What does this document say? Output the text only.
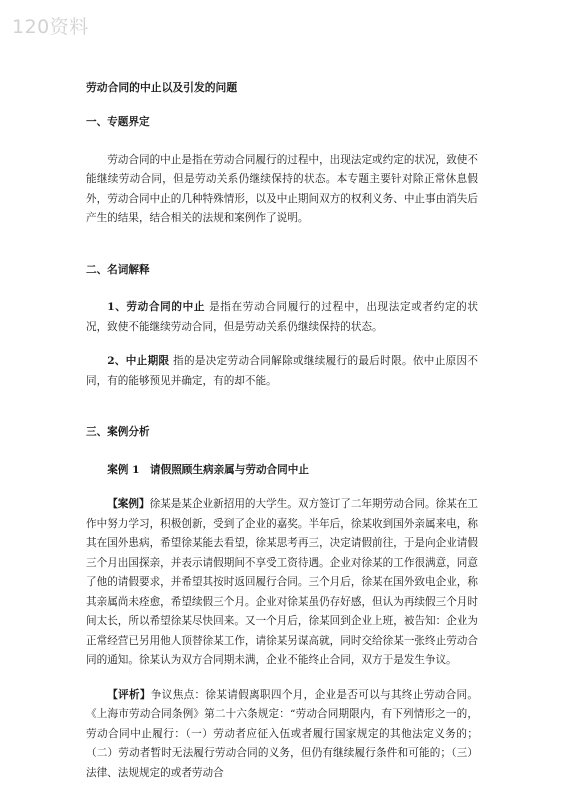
120资料

劳动合同的中止以及引发的问题

一、专题界定

劳动合同的中止是指在劳动合同履行的过程中，出现法定或约定的状况，致使不能继续劳动合同，但是劳动关系仍继续保持的状态。本专题主要针对除正常休息假外，劳动合同中止的几种特殊情形，以及中止期间双方的权利义务、中止事由消失后产生的结果，结合相关的法规和案例作了说明。

二、名词解释

1、劳动合同的中止 是指在劳动合同履行的过程中，出现法定或者约定的状况，致使不能继续劳动合同，但是劳动关系仍继续保持的状态。

2、中止期限 指的是决定劳动合同解除或继续履行的最后时限。依中止原因不同，有的能够预见并确定，有的却不能。

三、案例分析

案例 1　请假照顾生病亲属与劳动合同中止

【案例】徐某是某企业新招用的大学生。双方签订了二年期劳动合同。徐某在工作中努力学习，积极创新，受到了企业的嘉奖。半年后，徐某收到国外亲属来电，称其在国外患病，希望徐某能去看望，徐某思考再三，决定请假前往，于是向企业请假三个月出国探亲，并表示请假期间不享受工资待遇。企业对徐某的工作很满意，同意了他的请假要求，并希望其按时返回履行合同。三个月后，徐某在国外致电企业，称其亲属尚未痊愈，希望续假三个月。企业对徐某虽仍存好感，但认为再续假三个月时间太长，所以希望徐某尽快回来。又一个月后，徐某回到企业上班，被告知：企业为正常经营已另用他人顶替徐某工作，请徐某另谋高就，同时交给徐某一张终止劳动合同的通知。徐某认为双方合同期未满，企业不能终止合同，双方于是发生争议。

【评析】争议焦点：徐某请假离职四个月，企业是否可以与其终止劳动合同。《上海市劳动合同条例》第二十六条规定：“劳动合同期限内，有下列情形之一的，劳动合同中止履行：（一）劳动者应征入伍或者履行国家规定的其他法定义务的；（二）劳动者暂时无法履行劳动合同的义务，但仍有继续履行条件和可能的；（三）法律、法规规定的或者劳动合
